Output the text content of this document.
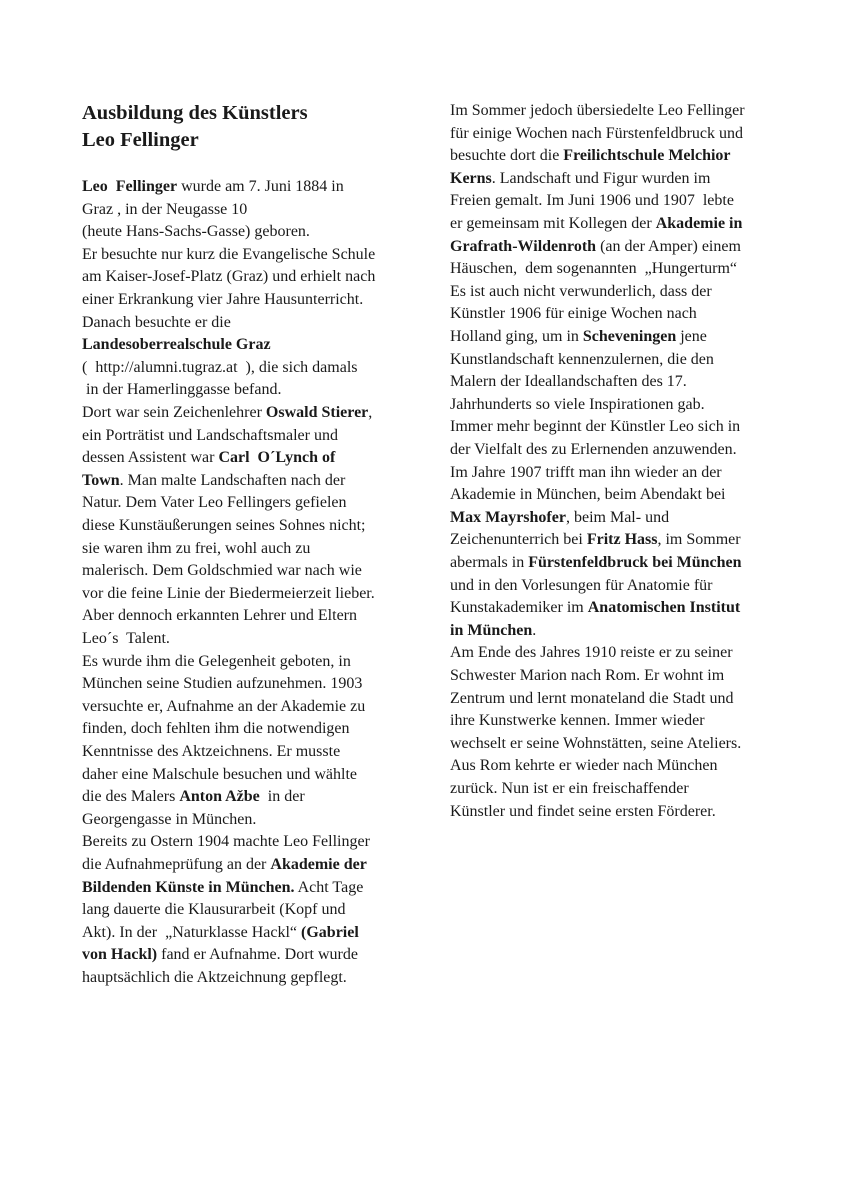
Ausbildung des Künstlers
Leo Fellinger
Leo  Fellinger wurde am 7. Juni 1884 in
Graz , in der Neugasse 10
(heute Hans-Sachs-Gasse) geboren.
Er besuchte nur kurz die Evangelische Schule
am Kaiser-Josef-Platz (Graz) und erhielt nach
einer Erkrankung vier Jahre Hausunterricht.
Danach besuchte er die
Landesoberrealschule Graz
(  http://alumni.tugraz.at  ), die sich damals
in der Hamerlinggasse befand.
Dort war sein Zeichenlehrer Oswald Stierer,
ein Porträtist und Landschaftsmaler und
dessen Assistent war Carl  O´Lynch of
Town. Man malte Landschaften nach der
Natur. Dem Vater Leo Fellingers gefielen
diese Kunstäußerungen seines Sohnes nicht;
sie waren ihm zu frei, wohl auch zu
malerisch. Dem Goldschmied war nach wie
vor die feine Linie der Biedermeierzeit lieber.
Aber dennoch erkannten Lehrer und Eltern
Leo´s  Talent.
Es wurde ihm die Gelegenheit geboten, in
München seine Studien aufzunehmen. 1903
versuchte er, Aufnahme an der Akademie zu
finden, doch fehlten ihm die notwendigen
Kenntnisse des Aktzeichnens. Er musste
daher eine Malschule besuchen und wählte
die des Malers Anton Ažbe  in der
Georgengasse in München.
Bereits zu Ostern 1904 machte Leo Fellinger
die Aufnahmeprüfung an der Akademie der
Bildenden Künste in München. Acht Tage
lang dauerte die Klausurarbeit (Kopf und
Akt). In der  „Naturklasse Hackl“ (Gabriel
von Hackl) fand er Aufnahme. Dort wurde
hauptsächlich die Aktzeichnung gepflegt.
Im Sommer jedoch übersiedelte Leo Fellinger
für einige Wochen nach Fürstenfeldbruck und
besuchte dort die Freilichtschule Melchior
Kerns. Landschaft und Figur wurden im
Freien gemalt. Im Juni 1906 und 1907  lebte
er gemeinsam mit Kollegen der Akademie in
Grafrath-Wildenroth (an der Amper) einem
Häuschen,  dem sogenannten  „Hungerturm“
Es ist auch nicht verwunderlich, dass der
Künstler 1906 für einige Wochen nach
Holland ging, um in Scheveningen jene
Kunstlandschaft kennenzulernen, die den
Malern der Ideallandschaften des 17.
Jahrhunderts so viele Inspirationen gab.
Immer mehr beginnt der Künstler Leo sich in
der Vielfalt des zu Erlernenden anzuwenden.
Im Jahre 1907 trifft man ihn wieder an der
Akademie in München, beim Abendakt bei
Max Mayrshofer, beim Mal- und
Zeichenunterrich bei Fritz Hass, im Sommer
abermals in Fürstenfeldbruck bei München
und in den Vorlesungen für Anatomie für
Kunstakademiker im Anatomischen Institut
in München.
Am Ende des Jahres 1910 reiste er zu seiner
Schwester Marion nach Rom. Er wohnt im
Zentrum und lernt monateland die Stadt und
ihre Kunstwerke kennen. Immer wieder
wechselt er seine Wohnstätten, seine Ateliers.
Aus Rom kehrte er wieder nach München
zurück. Nun ist er ein freischaffender
Künstler und findet seine ersten Förderer.
